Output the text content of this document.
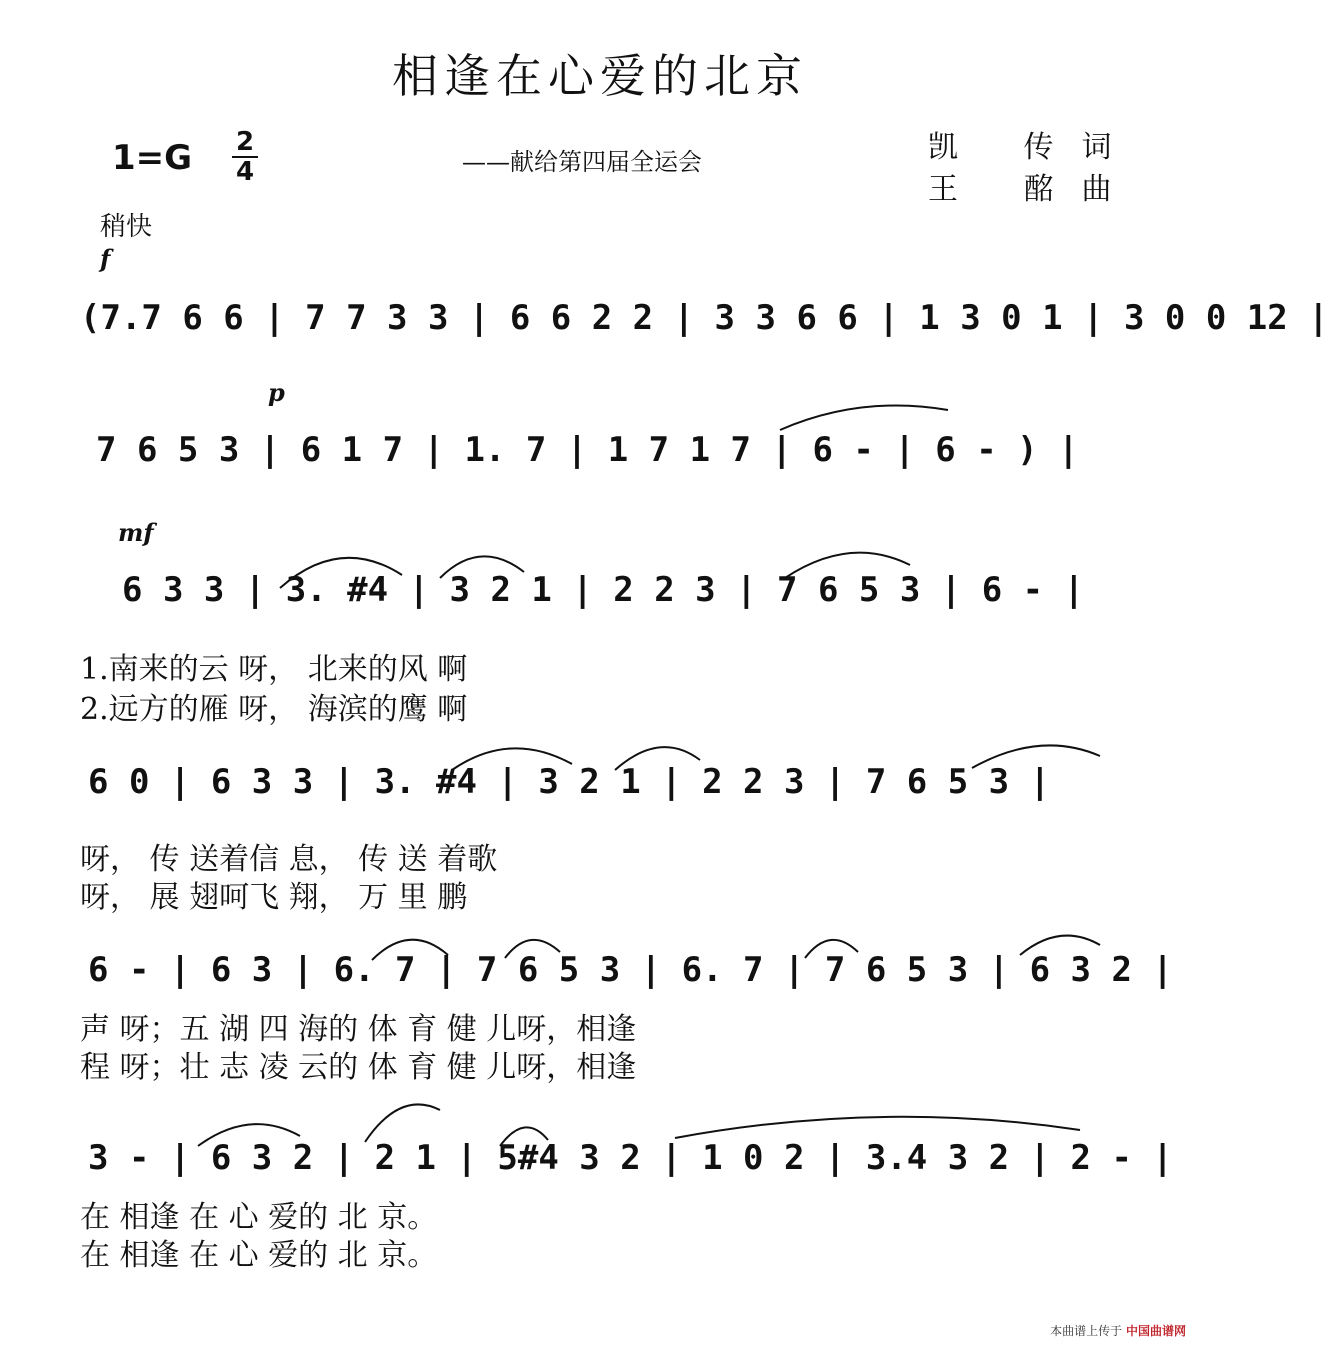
相逢在心爱的北京
1=G 2
4	——献给第四届全运会	凯 传词
王 酩曲
稍快
f
p
mf
(7.7 6 6 | 7 7 3 3 | 6 6 2 2 | 3 3 6 6 | 1 3 0 1 | 3 0 0 12 |
7 6 5 3 | 6 1 7 | 1. 7 | 1 7 1 7 | 6 - | 6 - ) |
6 3 3 | 3. #4 | 3 2 1 | 2 2 3 | 7 6 5 3 | 6 - |
6 0 | 6 3 3 | 3. #4 | 3 2 1 | 2 2 3 | 7 6 5 3 |
6 - | 6 3 | 6. 7 | 7 6 5 3 | 6. 7 | 7 6 5 3 | 6 3 2 |
3 - | 6 3 2 | 2 1 | 5#4 3 2 | 1 0 2 | 3.4 3 2 | 2 - |
1.南来的云 呀， 北来的风 啊
2.远方的雁 呀， 海滨的鹰 啊
呀， 传 送着信 息， 传 送 着歌
呀， 展 翅呵飞 翔， 万 里 鹏
声 呀；五 湖 四 海的 体 育 健 儿呀，相逢
程 呀；壮 志 凌 云的 体 育 健 儿呀，相逢
在 相逢 在 心 爱的 北 京。
在 相逢 在 心 爱的 北 京。
本曲谱上传于 中国曲谱网
